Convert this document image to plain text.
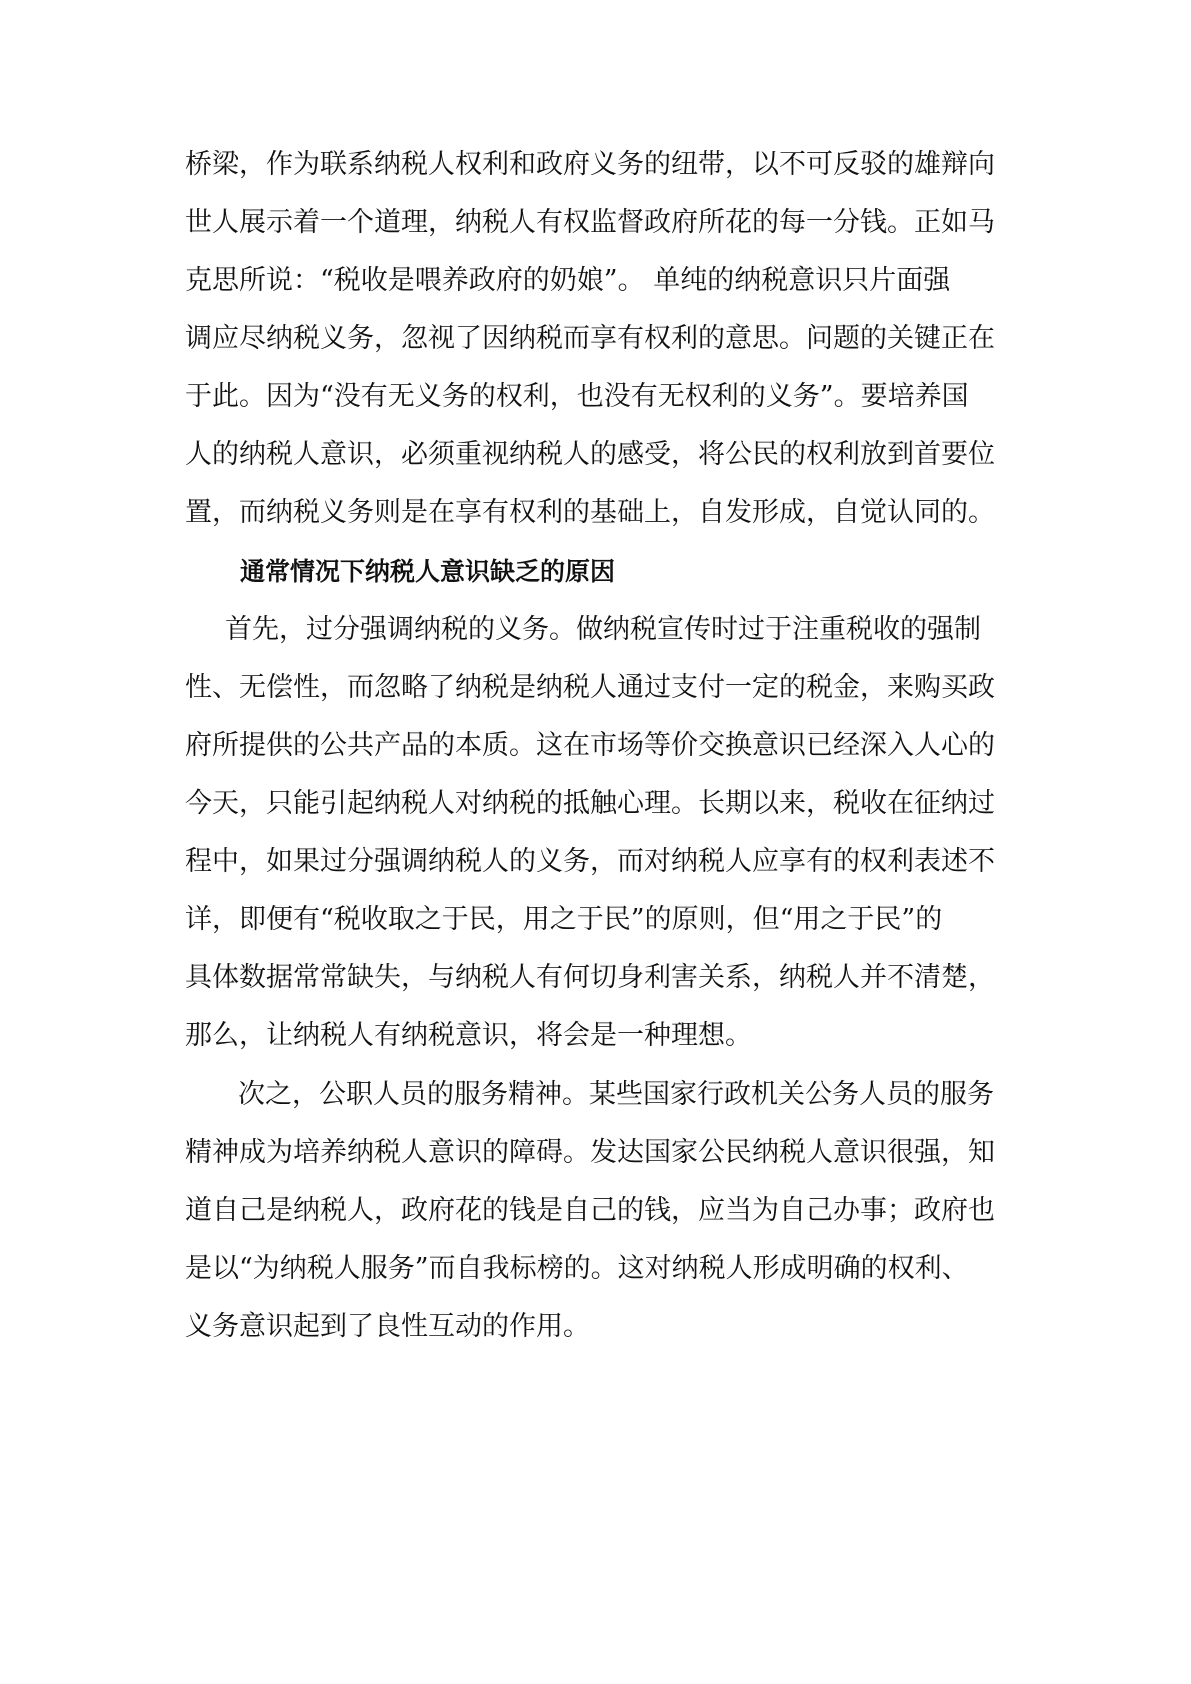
桥梁，作为联系纳税人权利和政府义务的纽带，以不可反驳的雄辩向
世人展示着一个道理，纳税人有权监督政府所花的每一分钱。正如马
克思所说：“税收是喂养政府的奶娘”。 单纯的纳税意识只片面强
调应尽纳税义务，忽视了因纳税而享有权利的意思。问题的关键正在
于此。因为“没有无义务的权利，也没有无权利的义务”。要培养国
人的纳税人意识，必须重视纳税人的感受，将公民的权利放到首要位
置，而纳税义务则是在享有权利的基础上，自发形成，自觉认同的。
通常情况下纳税人意识缺乏的原因
首先，过分强调纳税的义务。做纳税宣传时过于注重税收的强制
性、无偿性，而忽略了纳税是纳税人通过支付一定的税金，来购买政
府所提供的公共产品的本质。这在市场等价交换意识已经深入人心的
今天，只能引起纳税人对纳税的抵触心理。长期以来，税收在征纳过
程中，如果过分强调纳税人的义务，而对纳税人应享有的权利表述不
详，即便有“税收取之于民，用之于民”的原则，但“用之于民”的
具体数据常常缺失，与纳税人有何切身利害关系，纳税人并不清楚，
那么，让纳税人有纳税意识，将会是一种理想。
次之，公职人员的服务精神。某些国家行政机关公务人员的服务
精神成为培养纳税人意识的障碍。发达国家公民纳税人意识很强，知
道自己是纳税人，政府花的钱是自己的钱，应当为自己办事；政府也
是以“为纳税人服务”而自我标榜的。这对纳税人形成明确的权利、
义务意识起到了良性互动的作用。
